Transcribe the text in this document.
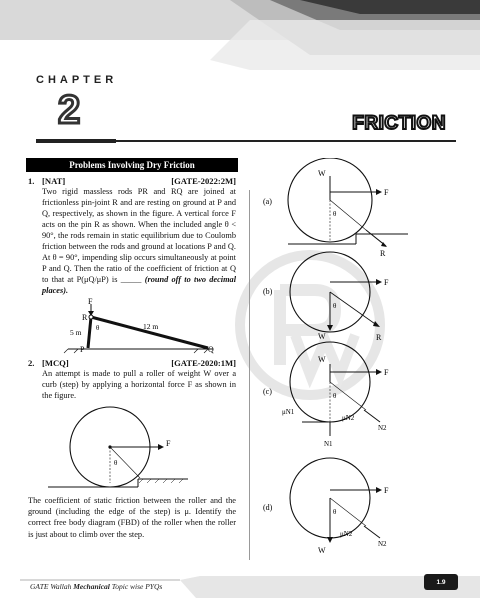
CHAPTER
2	FRICTION
Problems Involving Dry Friction
1. [NAT]	[GATE-2022:2M]
Two rigid massless rods PR and RQ are joined at frictionless pin-joint R and are resting on ground at P and Q, respectively, as shown in the figure. A vertical force F acts on the pin R as shown. When the included angle θ < 90°, the rods remain in static equilibrium due to Coulomb friction between the rods and ground at locations P and Q. At θ = 90°, impending slip occurs simultaneously at point P and Q. Then the ratio of the coefficient of friction at Q to that at P(μQ/μP) is _____ (round off to two decimal places).
F
R
P	Q
θ
5 m
12 m
2. [MCQ]	[GATE-2020:1M]
An attempt is made to pull a roller of weight W over a curb (step) by applying a horizontal force F as shown in the figure.
F
θ
The coefficient of static friction between the roller and the ground (including the edge of the step) is μ. Identify the correct free body diagram (FBD) of the roller when the roller is just about to climb over the step.
(a)
W
F
θ
R
(b)
W
F
θ
R
(c)
W
F
θ
μN1
μN2
N1
N2
(d)
W
F
θ
μN2
N2
GATE Wallah Mechanical Topic wise PYQs	1.9
